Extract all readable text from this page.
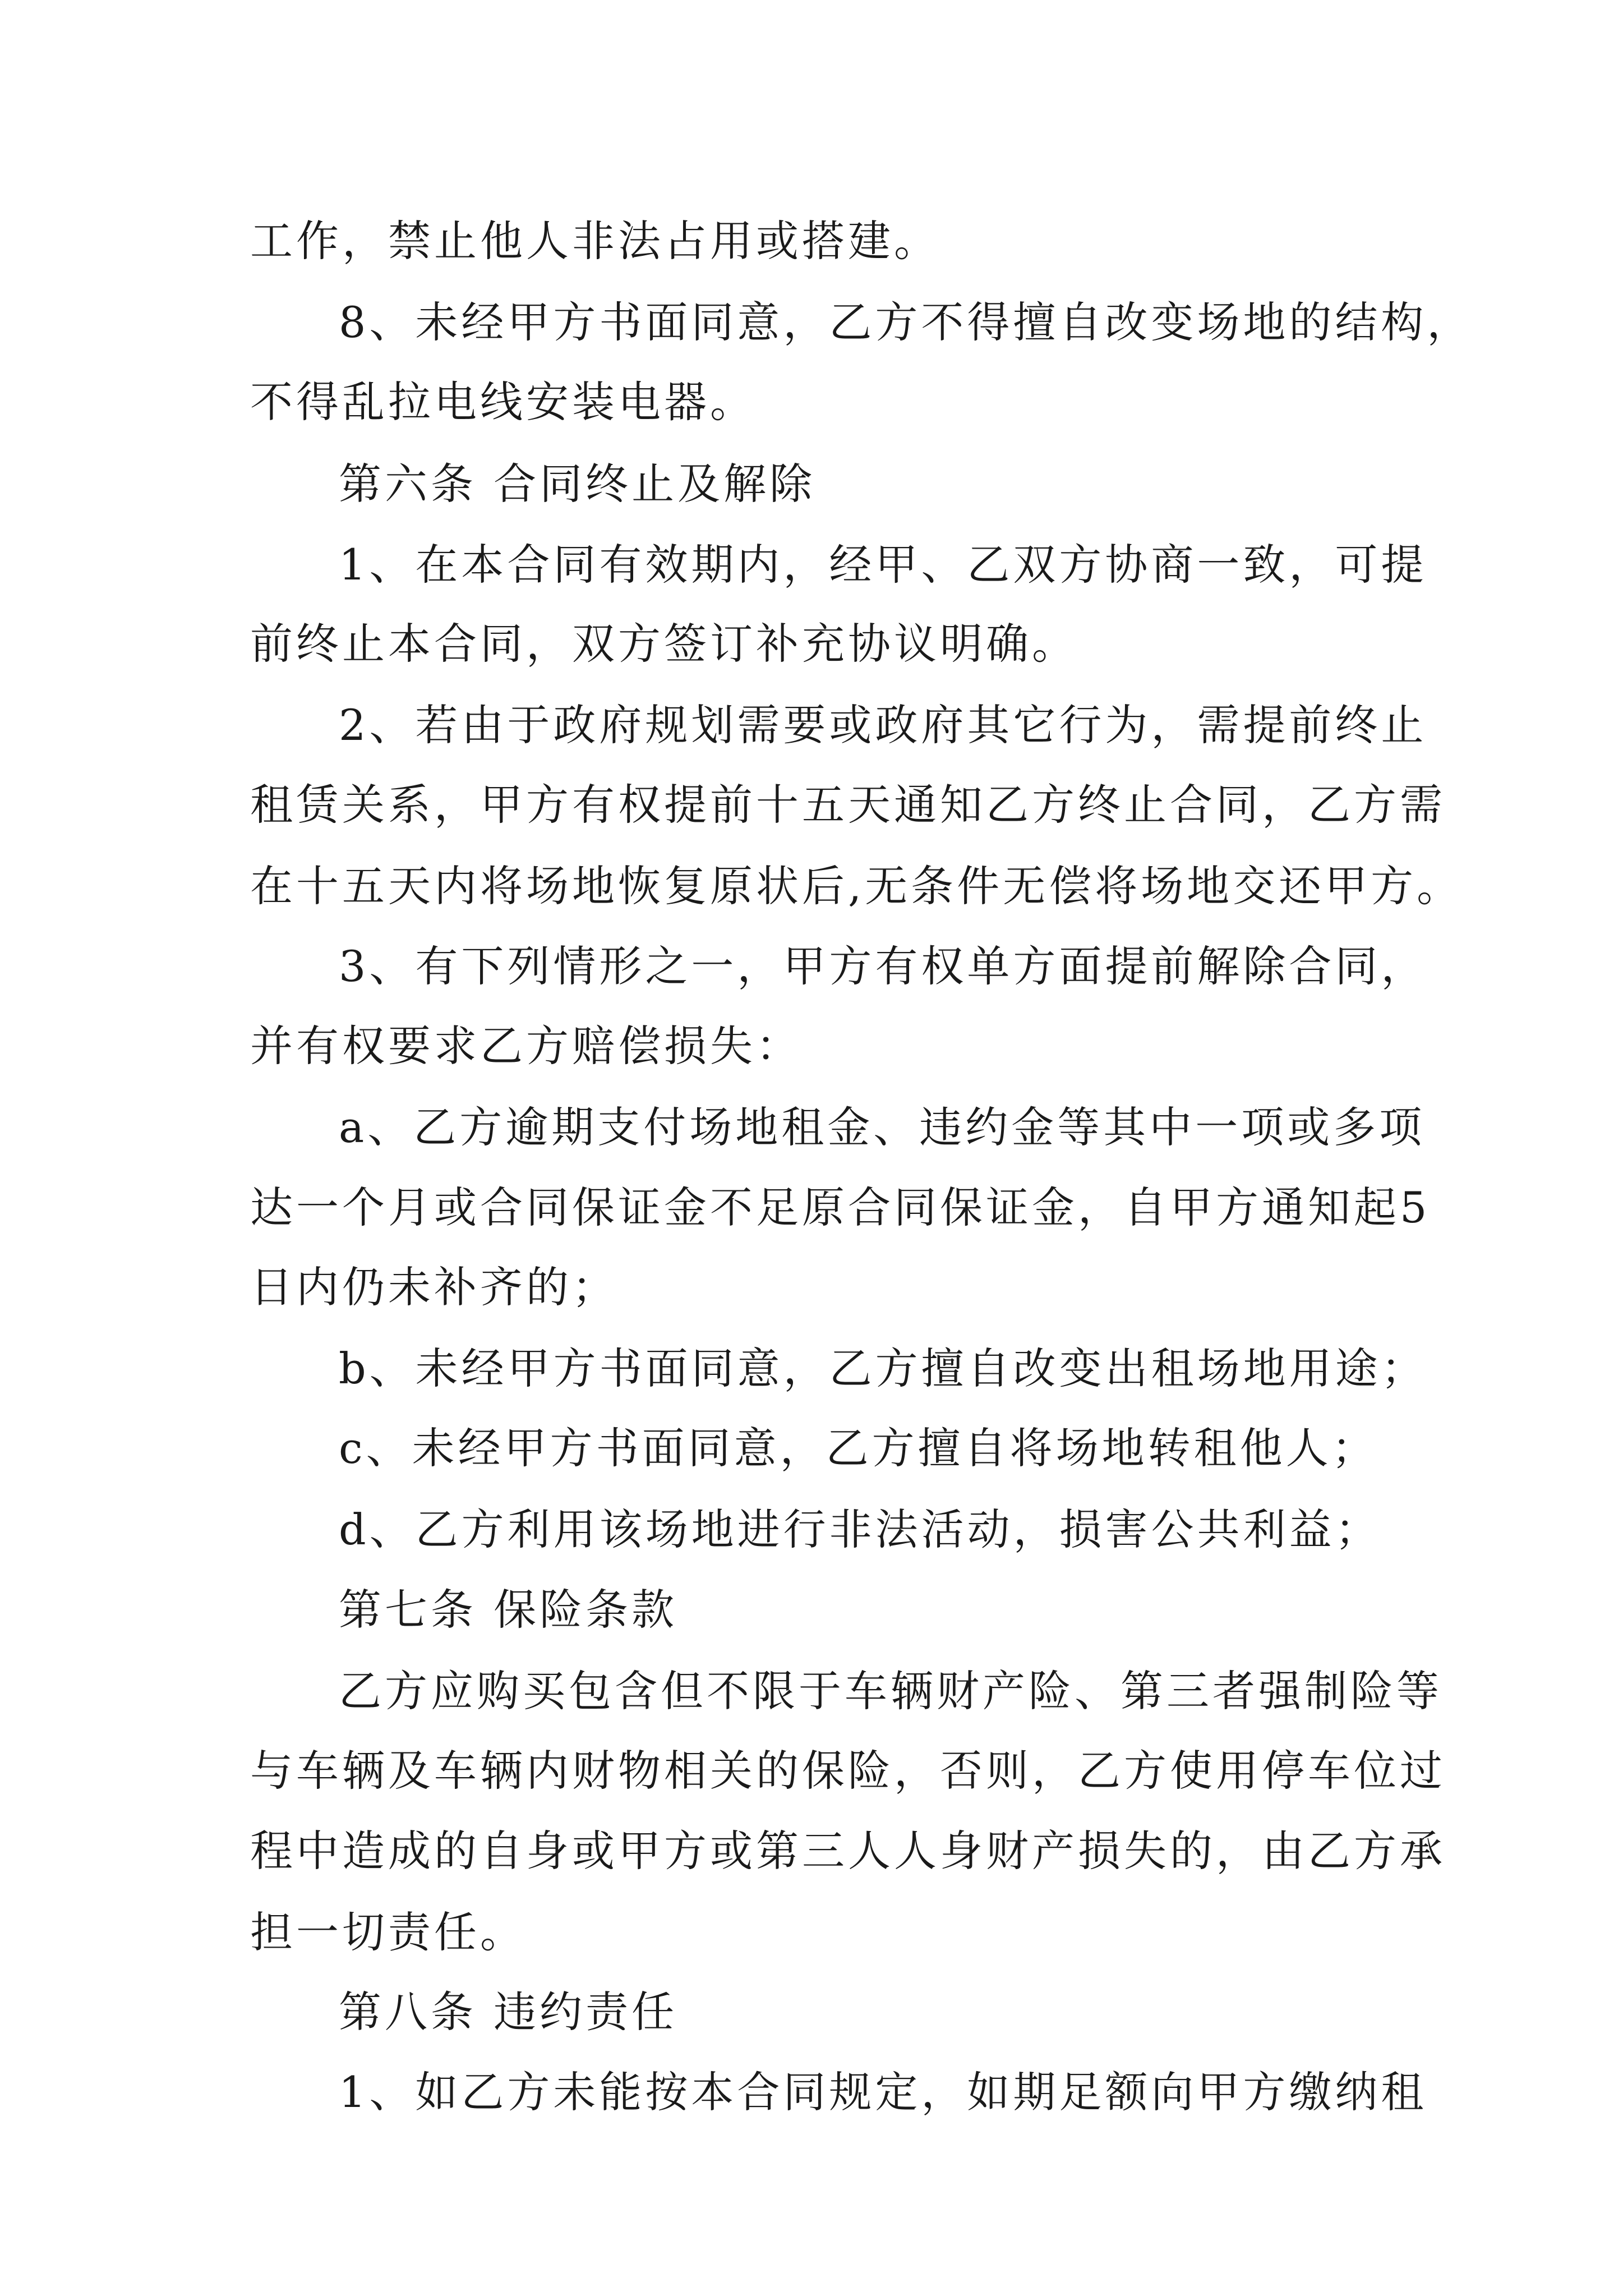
工作，禁止他人非法占用或搭建。
8、未经甲方书面同意，乙方不得擅自改变场地的结构，
不得乱拉电线安装电器。
第六条 合同终止及解除
1、在本合同有效期内，经甲、乙双方协商一致，可提
前终止本合同，双方签订补充协议明确。
2、若由于政府规划需要或政府其它行为，需提前终止
租赁关系，甲方有权提前十五天通知乙方终止合同，乙方需
在十五天内将场地恢复原状后,无条件无偿将场地交还甲方。
3、有下列情形之一，甲方有权单方面提前解除合同，
并有权要求乙方赔偿损失：
a、乙方逾期支付场地租金、违约金等其中一项或多项
达一个月或合同保证金不足原合同保证金，自甲方通知起5
日内仍未补齐的；
b、未经甲方书面同意，乙方擅自改变出租场地用途；
c、未经甲方书面同意，乙方擅自将场地转租他人；
d、乙方利用该场地进行非法活动，损害公共利益；
第七条 保险条款
乙方应购买包含但不限于车辆财产险、第三者强制险等
与车辆及车辆内财物相关的保险，否则，乙方使用停车位过
程中造成的自身或甲方或第三人人身财产损失的，由乙方承
担一切责任。
第八条 违约责任
1、如乙方未能按本合同规定，如期足额向甲方缴纳租
